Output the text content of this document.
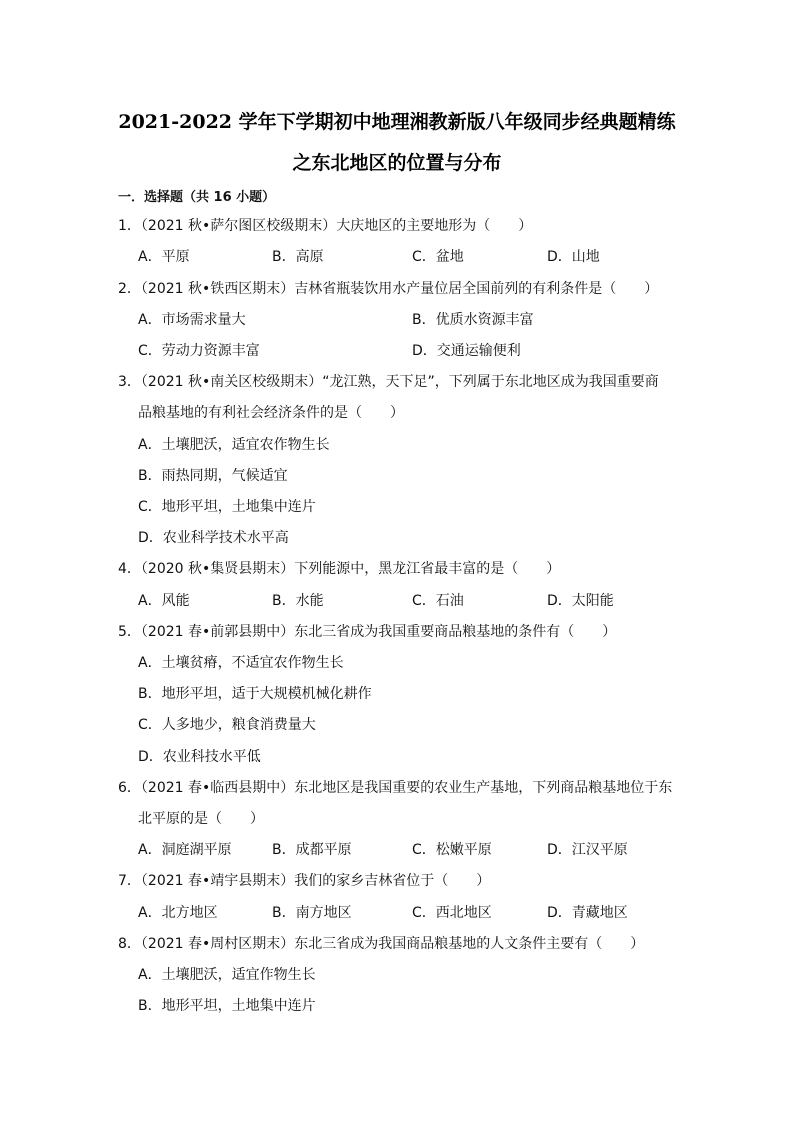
2021-2022 学年下学期初中地理湘教新版八年级同步经典题精练
之东北地区的位置与分布
一．选择题（共 16 小题）
1．（2021 秋•萨尔图区校级期末）大庆地区的主要地形为（　　）
A．平原	B．高原	C．盆地	D．山地
2．（2021 秋•铁西区期末）吉林省瓶装饮用水产量位居全国前列的有利条件是（　　）
A．市场需求量大	B．优质水资源丰富
C．劳动力资源丰富	D．交通运输便利
3．（2021 秋•南关区校级期末）“龙江熟，天下足”，下列属于东北地区成为我国重要商
品粮基地的有利社会经济条件的是（　　）
A．土壤肥沃，适宜农作物生长
B．雨热同期，气候适宜
C．地形平坦，土地集中连片
D．农业科学技术水平高
4．（2020 秋•集贤县期末）下列能源中，黑龙江省最丰富的是（　　）
A．风能	B．水能	C．石油	D．太阳能
5．（2021 春•前郭县期中）东北三省成为我国重要商品粮基地的条件有（　　）
A．土壤贫瘠，不适宜农作物生长
B．地形平坦，适于大规模机械化耕作
C．人多地少，粮食消费量大
D．农业科技水平低
6．（2021 春•临西县期中）东北地区是我国重要的农业生产基地，下列商品粮基地位于东
北平原的是（　　）
A．洞庭湖平原	B．成都平原	C．松嫩平原	D．江汉平原
7．（2021 春•靖宇县期末）我们的家乡吉林省位于（　　）
A．北方地区	B．南方地区	C．西北地区	D．青藏地区
8．（2021 春•周村区期末）东北三省成为我国商品粮基地的人文条件主要有（　　）
A．土壤肥沃，适宜作物生长
B．地形平坦，土地集中连片
